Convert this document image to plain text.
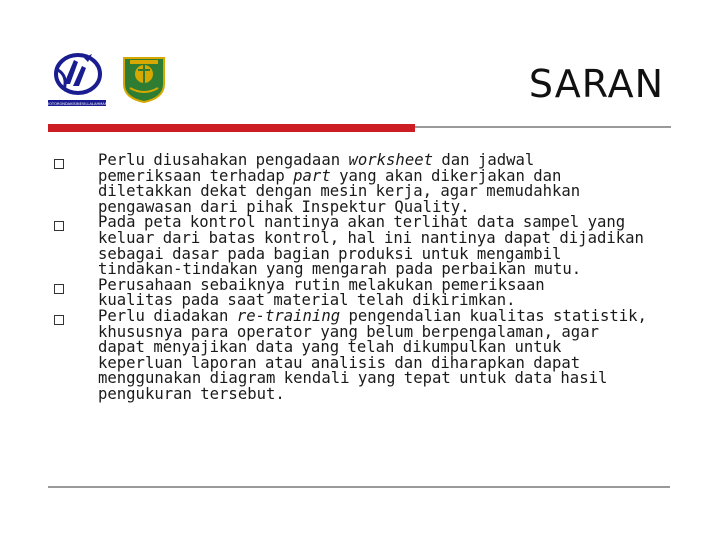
ROTORONDAKISINEVILLALAHMAN	SARAN

Perlu diusahakan pengadaan worksheet dan jadwal
pemeriksaan terhadap part yang akan dikerjakan dan
diletakkan dekat dengan mesin kerja, agar memudahkan
pengawasan dari pihak Inspektur Quality.

Pada peta kontrol nantinya akan terlihat data sampel yang
keluar dari batas kontrol, hal ini nantinya dapat dijadikan
sebagai dasar pada bagian produksi untuk mengambil
tindakan-tindakan yang mengarah pada perbaikan mutu.

Perusahaan sebaiknya rutin melakukan pemeriksaan
kualitas pada saat material telah dikirimkan.

Perlu diadakan re-training pengendalian kualitas statistik,
khususnya para operator yang belum berpengalaman, agar
dapat menyajikan data yang telah dikumpulkan untuk
keperluan laporan atau analisis dan diharapkan dapat
menggunakan diagram kendali yang tepat untuk data hasil
pengukuran tersebut.
